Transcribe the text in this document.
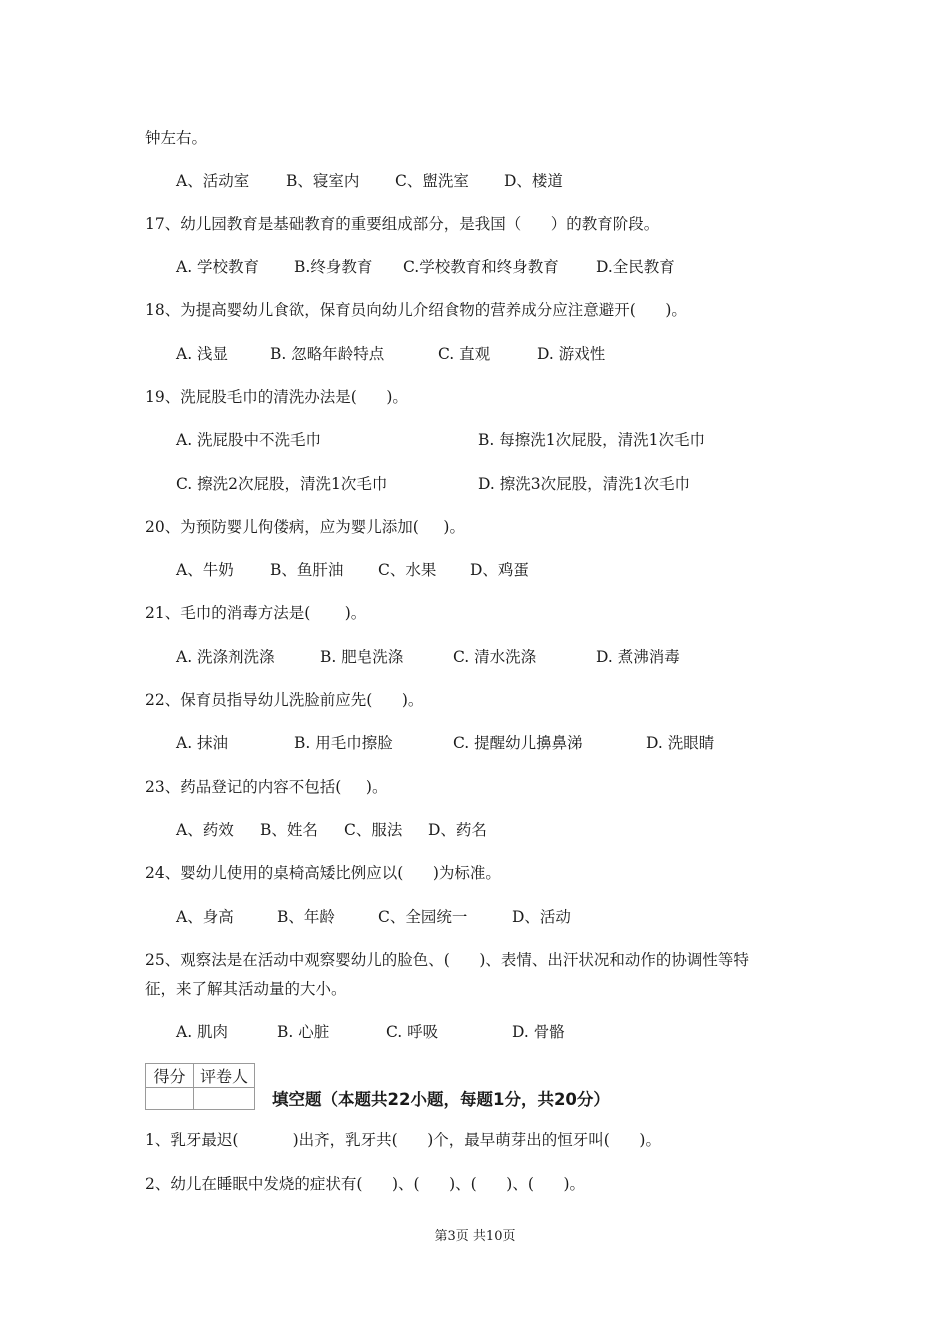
钟左右。
A、活动室 B、寝室内 C、盥洗室 D、楼道
17、幼儿园教育是基础教育的重要组成部分，是我国（      ）的教育阶段。
A. 学校教育 B.终身教育 C.学校教育和终身教育 D.全民教育
18、为提高婴幼儿食欲，保育员向幼儿介绍食物的营养成分应注意避开(      )。
A. 浅显	B. 忽略年龄特点	C. 直观	D. 游戏性
19、洗屁股毛巾的清洗办法是(      )。
A. 洗屁股中不洗毛巾	B. 每擦洗1次屁股，清洗1次毛巾
C. 擦洗2次屁股，清洗1次毛巾	D. 擦洗3次屁股，清洗1次毛巾
20、为预防婴儿佝偻病，应为婴儿添加(     )。
A、牛奶 B、鱼肝油 C、水果 D、鸡蛋
21、毛巾的消毒方法是(       )。
A. 洗涤剂洗涤	B. 肥皂洗涤	C. 清水洗涤	D. 煮沸消毒
22、保育员指导幼儿洗脸前应先(      )。
A. 抹油	B. 用毛巾擦脸	C. 提醒幼儿擤鼻涕	D. 洗眼睛
23、药品登记的内容不包括(     )。
A、药效 B、姓名 C、服法 D、药名
24、婴幼儿使用的桌椅高矮比例应以(      )为标准。
A、身高	B、年龄	C、全园统一	D、活动
25、观察法是在活动中观察婴幼儿的脸色、(      )、表情、出汗状况和动作的协调性等特
征，来了解其活动量的大小。
A. 肌肉	B. 心脏	C. 呼吸	D. 骨骼
得分	评卷人

填空题（本题共22小题，每题1分，共20分）
1、乳牙最迟(           )出齐，乳牙共(      )个，最早萌芽出的恒牙叫(      )。
2、幼儿在睡眠中发烧的症状有(      )、(      )、(      )、(      )。
第3页 共10页
